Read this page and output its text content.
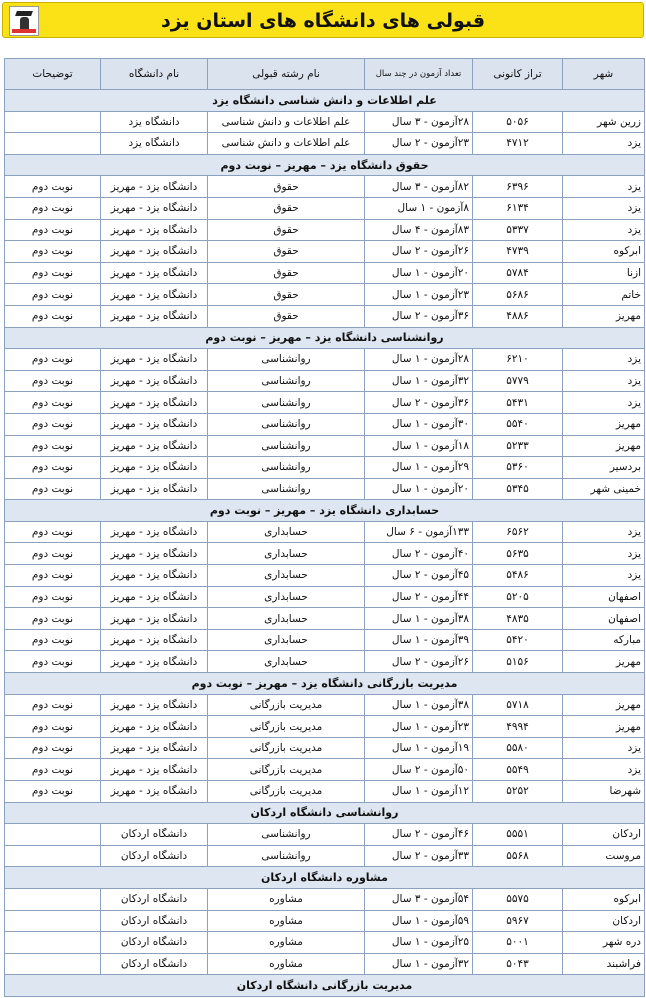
قبولی های دانشگاه های استان یزد
شهر	تراز کانونی	تعداد آزمون در چند سال	نام رشته قبولی	نام دانشگاه	توضیحات
علم اطلاعات و دانش شناسی دانشگاه یزد					
زرین شهر	۵۰۵۶	۲۸آزمون - ۳ سال	علم اطلاعات و دانش شناسی	دانشگاه یزد	
یزد	۴۷۱۲	۲۳آزمون - ۲ سال	علم اطلاعات و دانش شناسی	دانشگاه یزد	
حقوق دانشگاه یزد – مهریز – نوبت دوم					
یزد	۶۳۹۶	۸۲آزمون - ۳ سال	حقوق	دانشگاه یزد - مهریز	نوبت دوم
یزد	۶۱۳۴	۸آزمون - ۱ سال	حقوق	دانشگاه یزد - مهریز	نوبت دوم
یزد	۵۳۳۷	۸۳آزمون - ۴ سال	حقوق	دانشگاه یزد - مهریز	نوبت دوم
ابرکوه	۴۷۳۹	۲۶آزمون - ۲ سال	حقوق	دانشگاه یزد - مهریز	نوبت دوم
ازنا	۵۷۸۴	۲۰آزمون - ۱ سال	حقوق	دانشگاه یزد - مهریز	نوبت دوم
خاتم	۵۶۸۶	۲۳آزمون - ۱ سال	حقوق	دانشگاه یزد - مهریز	نوبت دوم
مهریز	۴۸۸۶	۳۶آزمون - ۲ سال	حقوق	دانشگاه یزد - مهریز	نوبت دوم
روانشناسی دانشگاه یزد – مهریز – نوبت دوم					
یزد	۶۲۱۰	۲۸آزمون - ۱ سال	روانشناسی	دانشگاه یزد - مهریز	نوبت دوم
یزد	۵۷۷۹	۳۲آزمون - ۱ سال	روانشناسی	دانشگاه یزد - مهریز	نوبت دوم
یزد	۵۴۳۱	۳۶آزمون - ۲ سال	روانشناسی	دانشگاه یزد - مهریز	نوبت دوم
مهریز	۵۵۴۰	۳۰آزمون - ۱ سال	روانشناسی	دانشگاه یزد - مهریز	نوبت دوم
مهریز	۵۲۳۳	۱۸آزمون - ۱ سال	روانشناسی	دانشگاه یزد - مهریز	نوبت دوم
بردسیر	۵۳۶۰	۲۹آزمون - ۱ سال	روانشناسی	دانشگاه یزد - مهریز	نوبت دوم
خمینی شهر	۵۳۴۵	۲۰آزمون - ۱ سال	روانشناسی	دانشگاه یزد - مهریز	نوبت دوم
حسابداری دانشگاه یزد – مهریز – نوبت دوم					
یزد	۶۵۶۲	۱۳۳آزمون - ۶ سال	حسابداری	دانشگاه یزد - مهریز	نوبت دوم
یزد	۵۶۳۵	۴۰آزمون - ۲ سال	حسابداری	دانشگاه یزد - مهریز	نوبت دوم
یزد	۵۴۸۶	۴۵آزمون - ۲ سال	حسابداری	دانشگاه یزد - مهریز	نوبت دوم
اصفهان	۵۲۰۵	۴۴آزمون - ۲ سال	حسابداری	دانشگاه یزد - مهریز	نوبت دوم
اصفهان	۴۸۳۵	۳۸آزمون - ۱ سال	حسابداری	دانشگاه یزد - مهریز	نوبت دوم
مبارکه	۵۴۲۰	۳۹آزمون - ۱ سال	حسابداری	دانشگاه یزد - مهریز	نوبت دوم
مهریز	۵۱۵۶	۲۶آزمون - ۲ سال	حسابداری	دانشگاه یزد - مهریز	نوبت دوم
مدیریت بازرگانی دانشگاه یزد – مهریز – نوبت دوم					
مهریز	۵۷۱۸	۳۸آزمون - ۱ سال	مدیریت بازرگانی	دانشگاه یزد - مهریز	نوبت دوم
مهریز	۴۹۹۴	۲۳آزمون - ۱ سال	مدیریت بازرگانی	دانشگاه یزد - مهریز	نوبت دوم
یزد	۵۵۸۰	۱۹آزمون - ۱ سال	مدیریت بازرگانی	دانشگاه یزد - مهریز	نوبت دوم
یزد	۵۵۴۹	۵۰آزمون - ۲ سال	مدیریت بازرگانی	دانشگاه یزد - مهریز	نوبت دوم
شهرضا	۵۲۵۲	۱۲آزمون - ۱ سال	مدیریت بازرگانی	دانشگاه یزد - مهریز	نوبت دوم
روانشناسی دانشگاه اردکان					
اردکان	۵۵۵۱	۴۶آزمون - ۲ سال	روانشناسی	دانشگاه اردکان	
مروست	۵۵۶۸	۳۳آزمون - ۲ سال	روانشناسی	دانشگاه اردکان	
مشاوره دانشگاه اردکان					
ابرکوه	۵۵۷۵	۵۴آزمون - ۳ سال	مشاوره	دانشگاه اردکان	
اردکان	۵۹۶۷	۵۹آزمون - ۱ سال	مشاوره	دانشگاه اردکان	
دره شهر	۵۰۰۱	۲۵آزمون - ۱ سال	مشاوره	دانشگاه اردکان	
فراشبند	۵۰۴۳	۳۲آزمون - ۱ سال	مشاوره	دانشگاه اردکان	
مدیریت بازرگانی دانشگاه اردکان					
